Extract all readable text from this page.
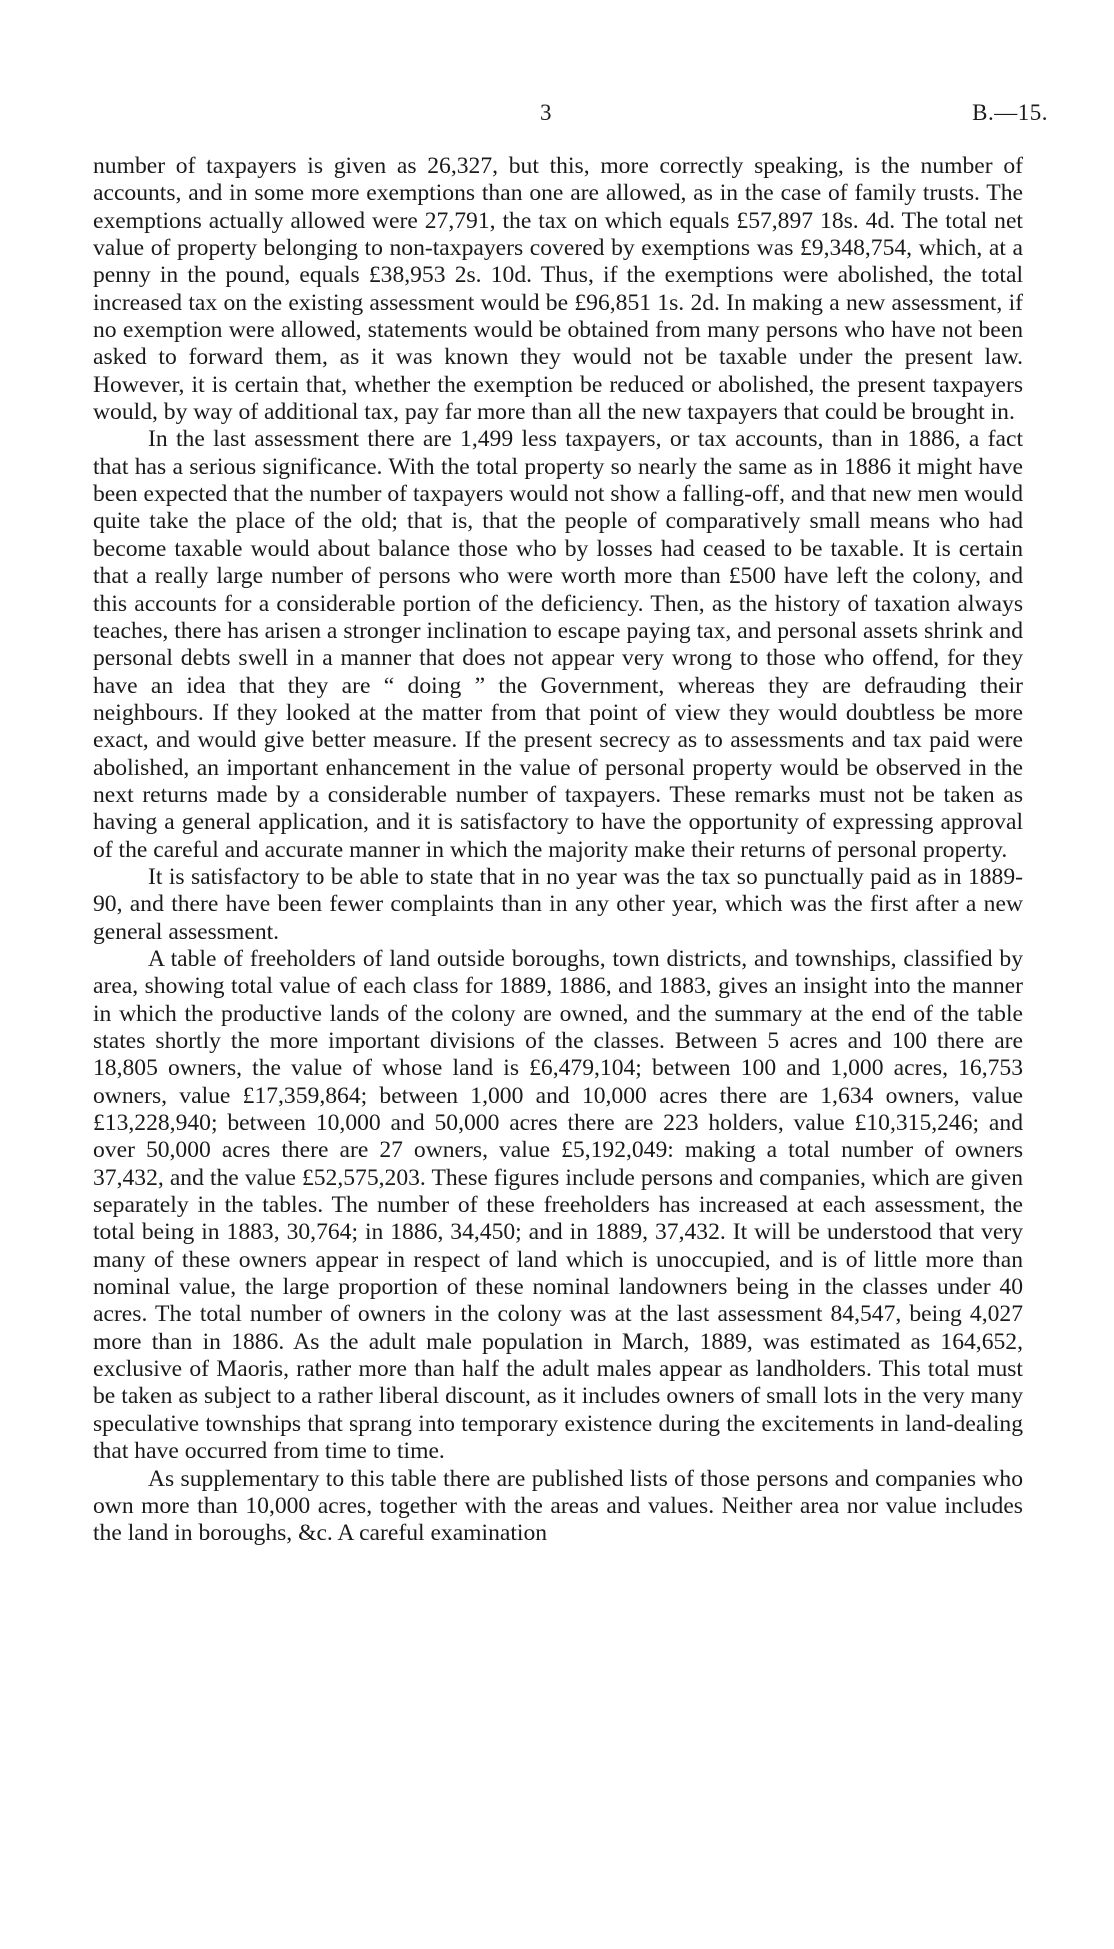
3	B.—15.

number of taxpayers is given as 26,327, but this, more correctly speaking, is the number of accounts, and in some more exemptions than one are allowed, as in the case of family trusts. The exemptions actually allowed were 27,791, the tax on which equals £57,897 18s. 4d. The total net value of property belonging to non-taxpayers covered by exemptions was £9,348,754, which, at a penny in the pound, equals £38,953 2s. 10d. Thus, if the exemptions were abolished, the total increased tax on the existing assessment would be £96,851 1s. 2d. In making a new assessment, if no exemption were allowed, statements would be obtained from many persons who have not been asked to forward them, as it was known they would not be taxable under the present law. However, it is certain that, whether the exemption be reduced or abolished, the present taxpayers would, by way of additional tax, pay far more than all the new taxpayers that could be brought in.

In the last assessment there are 1,499 less taxpayers, or tax accounts, than in 1886, a fact that has a serious significance. With the total property so nearly the same as in 1886 it might have been expected that the number of taxpayers would not show a falling-off, and that new men would quite take the place of the old; that is, that the people of comparatively small means who had become taxable would about balance those who by losses had ceased to be taxable. It is certain that a really large number of persons who were worth more than £500 have left the colony, and this accounts for a considerable portion of the deficiency. Then, as the history of taxation always teaches, there has arisen a stronger inclination to escape paying tax, and personal assets shrink and personal debts swell in a manner that does not appear very wrong to those who offend, for they have an idea that they are “ doing ” the Government, whereas they are defrauding their neighbours. If they looked at the matter from that point of view they would doubtless be more exact, and would give better measure. If the present secrecy as to assessments and tax paid were abolished, an important enhancement in the value of personal property would be observed in the next returns made by a considerable number of taxpayers. These remarks must not be taken as having a general application, and it is satisfactory to have the opportunity of expressing approval of the careful and accurate manner in which the majority make their returns of personal property.

It is satisfactory to be able to state that in no year was the tax so punctually paid as in 1889-90, and there have been fewer complaints than in any other year, which was the first after a new general assessment.

A table of freeholders of land outside boroughs, town districts, and townships, classified by area, showing total value of each class for 1889, 1886, and 1883, gives an insight into the manner in which the productive lands of the colony are owned, and the summary at the end of the table states shortly the more important divisions of the classes. Between 5 acres and 100 there are 18,805 owners, the value of whose land is £6,479,104; between 100 and 1,000 acres, 16,753 owners, value £17,359,864; between 1,000 and 10,000 acres there are 1,634 owners, value £13,228,940; between 10,000 and 50,000 acres there are 223 holders, value £10,315,246; and over 50,000 acres there are 27 owners, value £5,192,049: making a total number of owners 37,432, and the value £52,575,203. These figures include persons and companies, which are given separately in the tables. The number of these freeholders has increased at each assessment, the total being in 1883, 30,764; in 1886, 34,450; and in 1889, 37,432. It will be understood that very many of these owners appear in respect of land which is unoccupied, and is of little more than nominal value, the large proportion of these nominal landowners being in the classes under 40 acres. The total number of owners in the colony was at the last assessment 84,547, being 4,027 more than in 1886. As the adult male population in March, 1889, was estimated as 164,652, exclusive of Maoris, rather more than half the adult males appear as landholders. This total must be taken as subject to a rather liberal discount, as it includes owners of small lots in the very many speculative townships that sprang into temporary existence during the excitements in land-dealing that have occurred from time to time.

As supplementary to this table there are published lists of those persons and companies who own more than 10,000 acres, together with the areas and values. Neither area nor value includes the land in boroughs, &c. A careful examination
